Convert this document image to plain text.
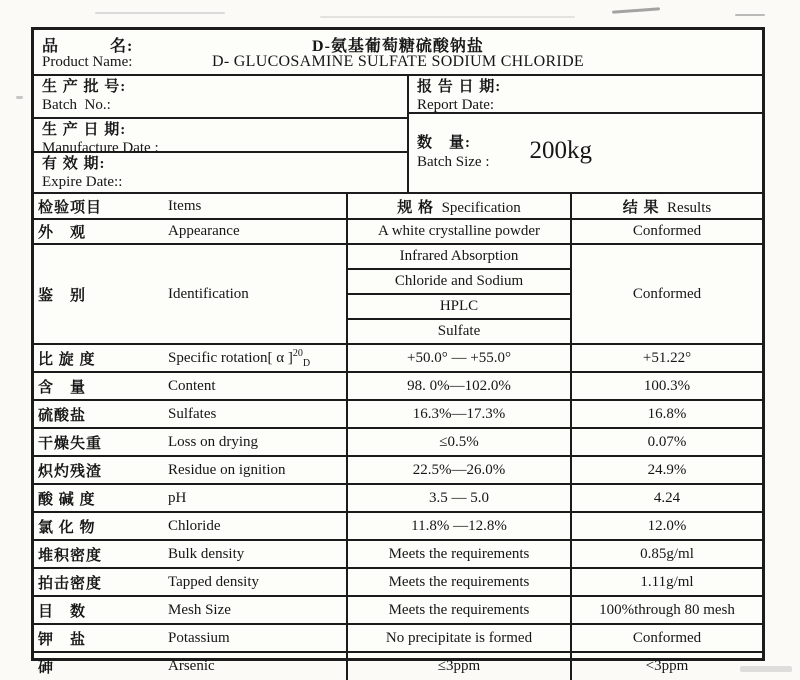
品　　　名:	D-氨基葡萄糖硫酸钠盐
Product Name:	D- GLUCOSAMINE SULFATE SODIUM CHLORIDE
生 产 批 号:
Batch  No.:
生 产 日 期:
Manufacture Date :
有 效 期:
Expire Date::
报 告 日 期:
Report Date:
数　量:
Batch Size : 200kg
检验项目	Items	规 格 Specification	结 果 Results
外　观	Appearance	A white crystalline powder	Conformed
鉴　别	Identification	Infrared Absorption	Conformed
		Chloride and Sodium	
		HPLC	
		Sulfate	
比 旋 度	Specific rotation[ α ]$^{20}_D$	+50.0° — +55.0°	+51.22°
含　量	Content	98. 0%—102.0%	100.3%
硫酸盐	Sulfates	16.3%—17.3%	16.8%
干燥失重	Loss on drying	≤0.5%	0.07%
炽灼残渣	Residue on ignition	22.5%—26.0%	24.9%
酸 碱 度	pH	3.5 — 5.0	4.24
氯 化 物	Chloride	11.8% —12.8%	12.0%
堆积密度	Bulk density	Meets the requirements	0.85g/ml
拍击密度	Tapped density	Meets the requirements	1.11g/ml
目　数	Mesh Size	Meets the requirements	100%through 80 mesh
钾　盐	Potassium	No precipitate is formed	Conformed
砷	Arsenic	≤3ppm	<3ppm
